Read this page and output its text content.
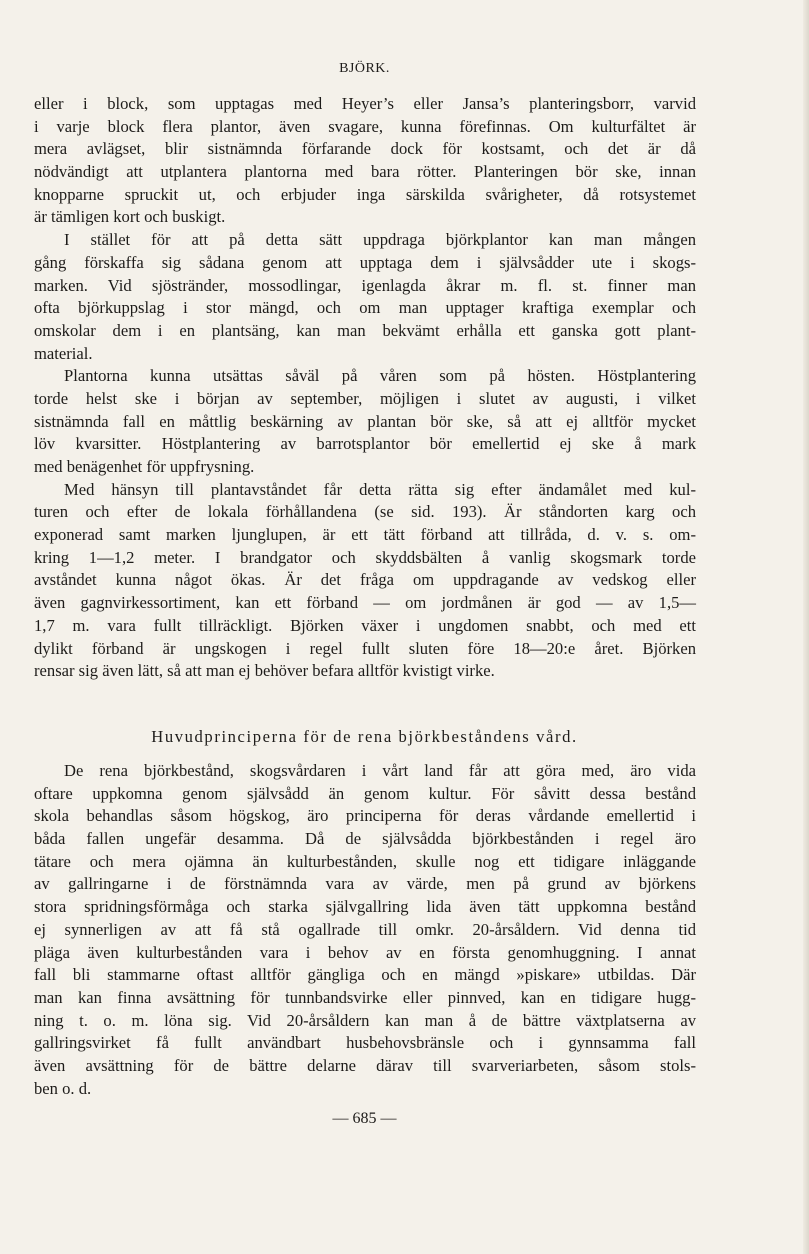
BJÖRK.
eller i block, som upptagas med Heyer’s eller Jansa’s planteringsborr, varvid
i varje block flera plantor, även svagare, kunna förefinnas. Om kulturfältet är
mera avlägset, blir sistnämnda förfarande dock för kostsamt, och det är då
nödvändigt att utplantera plantorna med bara rötter. Planteringen bör ske, innan
knopparne spruckit ut, och erbjuder inga särskilda svårigheter, då rotsystemet
är tämligen kort och buskigt.
I stället för att på detta sätt uppdraga björkplantor kan man mången
gång förskaffa sig sådana genom att upptaga dem i självsådder ute i skogs-
marken. Vid sjöstränder, mossodlingar, igenlagda åkrar m. fl. st. finner man
ofta björkuppslag i stor mängd, och om man upptager kraftiga exemplar och
omskolar dem i en plantsäng, kan man bekvämt erhålla ett ganska gott plant-
material.
Plantorna kunna utsättas såväl på våren som på hösten. Höstplantering
torde helst ske i början av september, möjligen i slutet av augusti, i vilket
sistnämnda fall en måttlig beskärning av plantan bör ske, så att ej alltför mycket
löv kvarsitter. Höstplantering av barrotsplantor bör emellertid ej ske å mark
med benägenhet för uppfrysning.
Med hänsyn till plantavståndet får detta rätta sig efter ändamålet med kul-
turen och efter de lokala förhållandena (se sid. 193). Är ståndorten karg och
exponerad samt marken ljunglupen, är ett tätt förband att tillråda, d. v. s. om-
kring 1—1,2 meter. I brandgator och skyddsbälten å vanlig skogsmark torde
avståndet kunna något ökas. Är det fråga om uppdragande av vedskog eller
även gagnvirkessortiment, kan ett förband — om jordmånen är god — av 1,5—
1,7 m. vara fullt tillräckligt. Björken växer i ungdomen snabbt, och med ett
dylikt förband är ungskogen i regel fullt sluten före 18—20:e året. Björken
rensar sig även lätt, så att man ej behöver befara alltför kvistigt virke.
Huvudprinciperna för de rena björkbeståndens vård.
De rena björkbestånd, skogsvårdaren i vårt land får att göra med, äro vida
oftare uppkomna genom självsådd än genom kultur. För såvitt dessa bestånd
skola behandlas såsom högskog, äro principerna för deras vårdande emellertid i
båda fallen ungefär desamma. Då de självsådda björkbestånden i regel äro
tätare och mera ojämna än kulturbestånden, skulle nog ett tidigare inläggande
av gallringarne i de förstnämnda vara av värde, men på grund av björkens
stora spridningsförmåga och starka självgallring lida även tätt uppkomna bestånd
ej synnerligen av att få stå ogallrade till omkr. 20-årsåldern. Vid denna tid
pläga även kulturbestånden vara i behov av en första genomhuggning. I annat
fall bli stammarne oftast alltför gängliga och en mängd »piskare» utbildas. Där
man kan finna avsättning för tunnbandsvirke eller pinnved, kan en tidigare hugg-
ning t. o. m. löna sig. Vid 20-årsåldern kan man å de bättre växtplatserna av
gallringsvirket få fullt användbart husbehovsbränsle och i gynnsamma fall
även avsättning för de bättre delarne därav till svarveriarbeten, såsom stols-
ben o. d.
— 685 —
